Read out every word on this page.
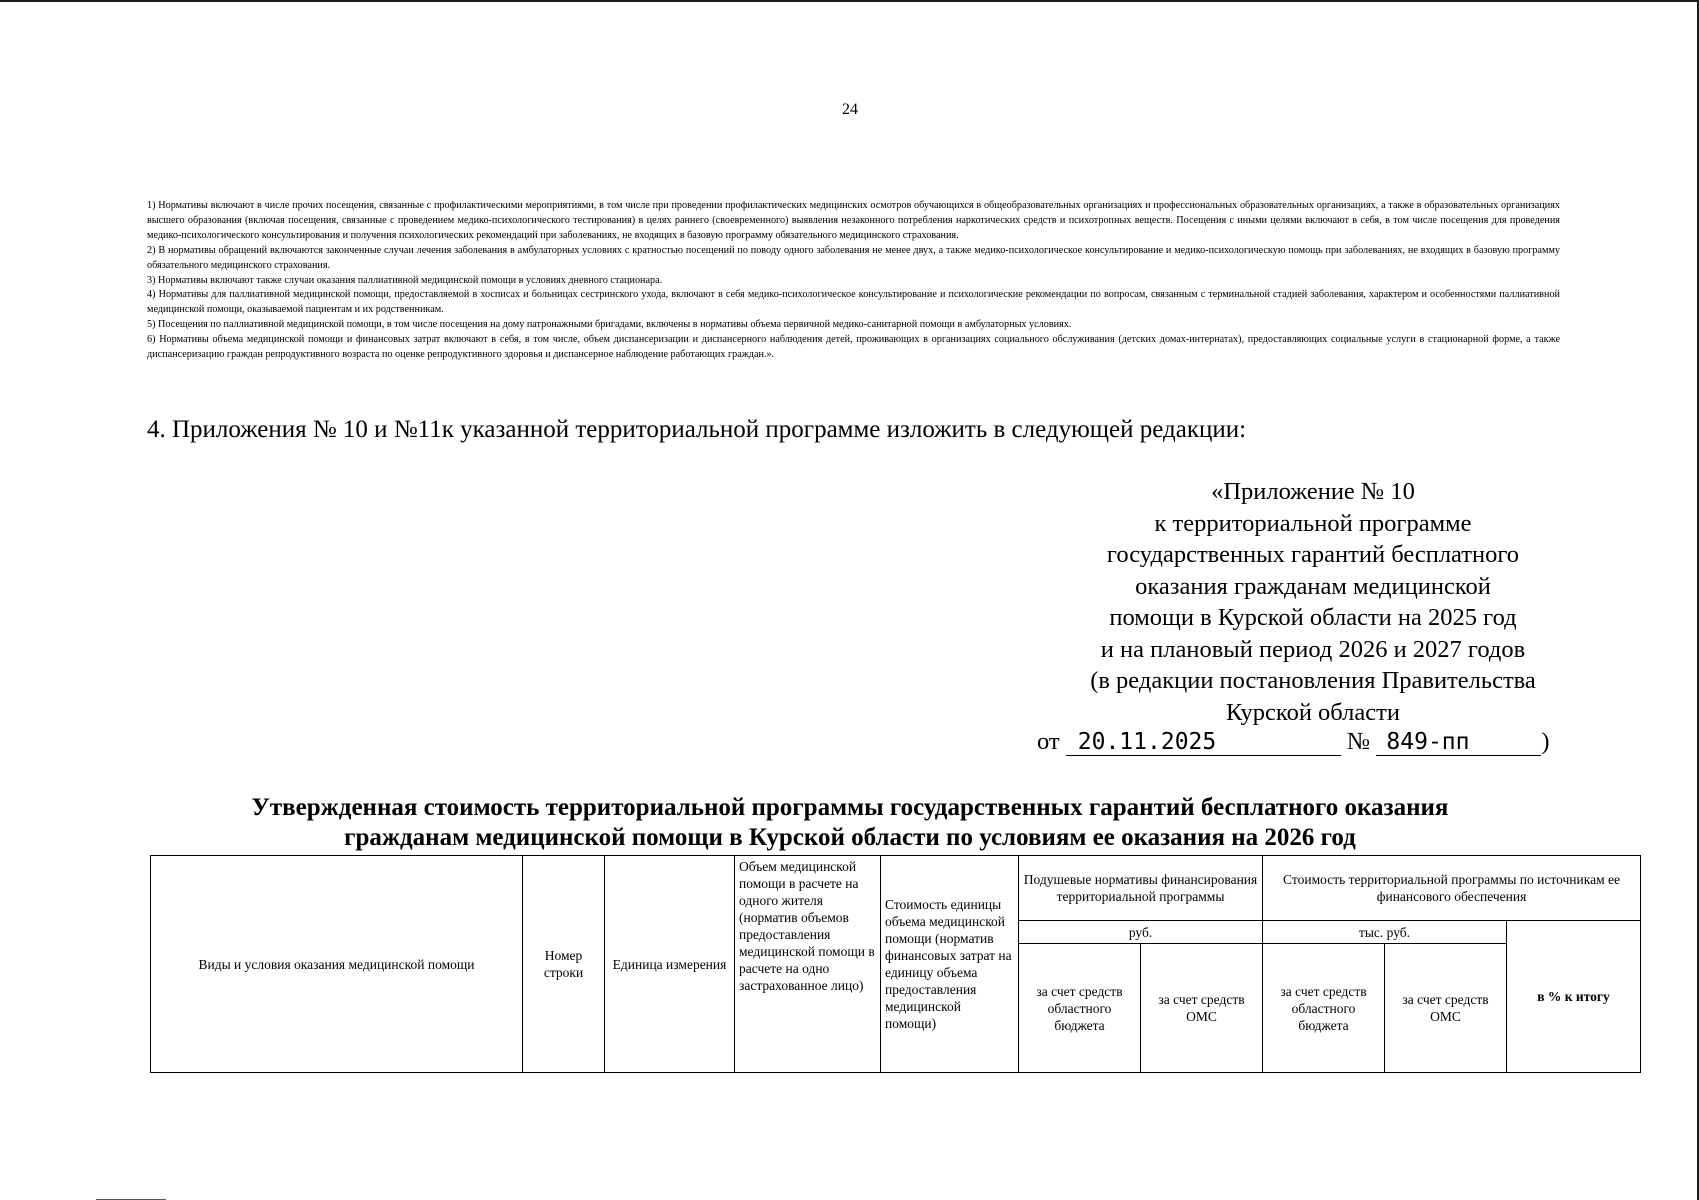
24

1) Нормативы включают в числе прочих посещения, связанные с профилактическими мероприятиями, в том числе при проведении профилактических медицинских осмотров обучающихся в общеобразовательных организациях и профессиональных образовательных организациях, а также в образовательных организациях высшего образования (включая посещения, связанные с проведением медико-психологического тестирования) в целях раннего (своевременного) выявления незаконного потребления наркотических средств и психотропных веществ. Посещения с иными целями включают в себя, в том числе посещения для проведения медико-психологического консультирования и получения психологических рекомендаций при заболеваниях, не входящих в базовую программу обязательного медицинского страхования.

2) В нормативы обращений включаются законченные случаи лечения заболевания в амбулаторных условиях с кратностью посещений по поводу одного заболевания не менее двух, а также медико-психологическое консультирование и медико-психологическую помощь при заболеваниях, не входящих в базовую программу обязательного медицинского страхования.

3) Нормативы включают также случаи оказания паллиативной медицинской помощи в условиях дневного стационара.

4) Нормативы для паллиативной медицинской помощи, предоставляемой в хосписах и больницах сестринского ухода, включают в себя медико-психологическое консультирование и психологические рекомендации по вопросам, связанным с терминальной стадией заболевания, характером и особенностями паллиативной медицинской помощи, оказываемой пациентам и их родственникам.

5) Посещения по паллиативной медицинской помощи, в том числе посещения на дому патронажными бригадами, включены в нормативы объема первичной медико-санитарной помощи в амбулаторных условиях.

6) Нормативы объема медицинской помощи и финансовых затрат включают в себя, в том числе, объем диспансеризации и диспансерного наблюдения детей, проживающих в организациях социального обслуживания (детских домах-интернатах), предоставляющих социальные услуги в стационарной форме, а также диспансеризацию граждан репродуктивного возраста по оценке репродуктивного здоровья и диспансерное наблюдение работающих граждан.».

4. Приложения № 10 и №11к указанной территориальной программе изложить в следующей редакции:
«Приложение № 10
к территориальной программе
государственных гарантий бесплатного
оказания гражданам медицинской
помощи в Курской области на 2025 год
и на плановый период 2026 и 2027 годов
(в редакции постановления Правительства
Курской области
от 20.11.2025	№ 849-пп	)
Утвержденная стоимость территориальной программы государственных гарантий бесплатного оказания
гражданам медицинской помощи в Курской области по условиям ее оказания на 2026 год
Виды и условия оказания медицинской помощи	Номер строки	Единица измерения	Объем медицинской помощи в расчете на одного жителя (норматив объемов предоставления медицинской помощи в расчете на одно застрахованное лицо)	Стоимость единицы объема медицинской помощи (норматив финансовых затрат на единицу объема предоставления медицинской помощи)	Подушевые нормативы финансирования территориальной программы		Стоимость территориальной программы по источникам ее финансового обеспечения		
					руб.		тыс. руб.		в % к итогу
					за счет средств областного бюджета	за счет средств ОМС	за счет средств областного бюджета	за счет средств ОМС	
